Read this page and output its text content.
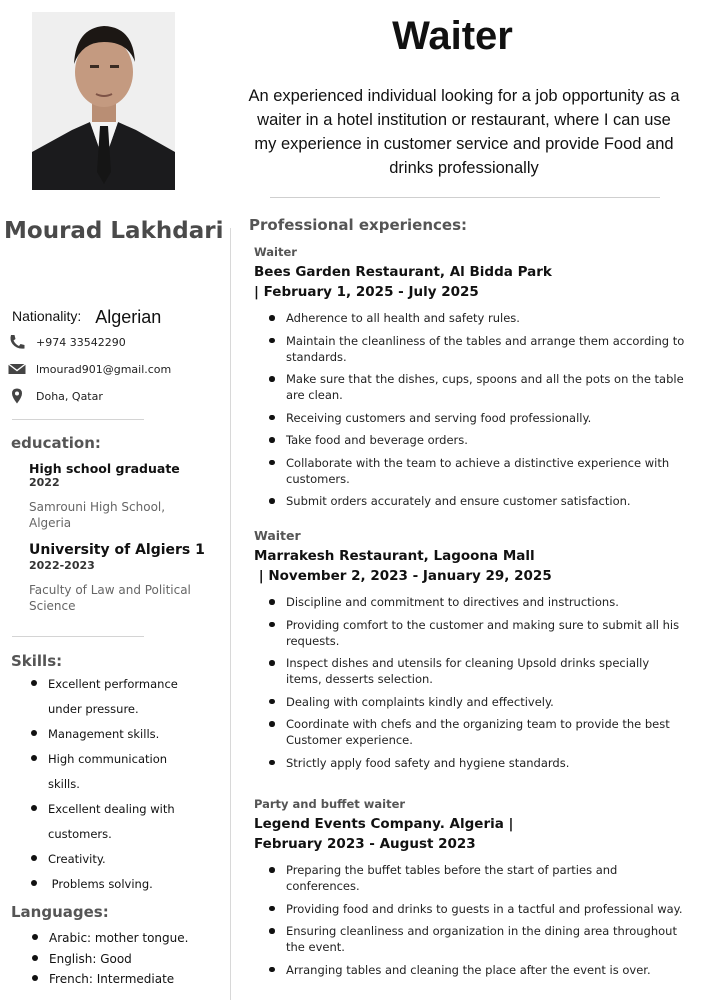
Waiter

An experienced individual looking for a job opportunity as a waiter in a hotel institution or restaurant, where I can use my experience in customer service and provide Food and drinks professionally

Mourad Lakhdari
Nationality: Algerian
+974 33542290
lmourad901@gmail.com
Doha, Qatar
education:
High school graduate
2022
Samrouni High School, Algeria
University of Algiers 1
2022-2023
Faculty of Law and Political Science
Skills:
Excellent performance
under pressure.
Management skills.
High communication
skills.
Excellent dealing with
customers.
Creativity.
Problems solving.
Languages:
Arabic: mother tongue.
English: Good
French: Intermediate
Professional experiences:
Waiter
Bees Garden Restaurant, Al Bidda Park
| February 1, 2025 - July 2025
Adherence to all health and safety rules.
Maintain the cleanliness of the tables and arrange them according to standards.
Make sure that the dishes, cups, spoons and all the pots on the table are clean.
Receiving customers and serving food professionally.
Take food and beverage orders.
Collaborate with the team to achieve a distinctive experience with customers.
Submit orders accurately and ensure customer satisfaction.
Waiter
Marrakesh Restaurant, Lagoona Mall
| November 2, 2023 - January 29, 2025
Discipline and commitment to directives and instructions.
Providing comfort to the customer and making sure to submit all his requests.
Inspect dishes and utensils for cleaning Upsold drinks specially items, desserts selection.
Dealing with complaints kindly and effectively.
Coordinate with chefs and the organizing team to provide the best Customer experience.
Strictly apply food safety and hygiene standards.
Party and buffet waiter
Legend Events Company. Algeria |
February 2023 - August 2023
Preparing the buffet tables before the start of parties and conferences.
Providing food and drinks to guests in a tactful and professional way.
Ensuring cleanliness and organization in the dining area throughout the event.
Arranging tables and cleaning the place after the event is over.
